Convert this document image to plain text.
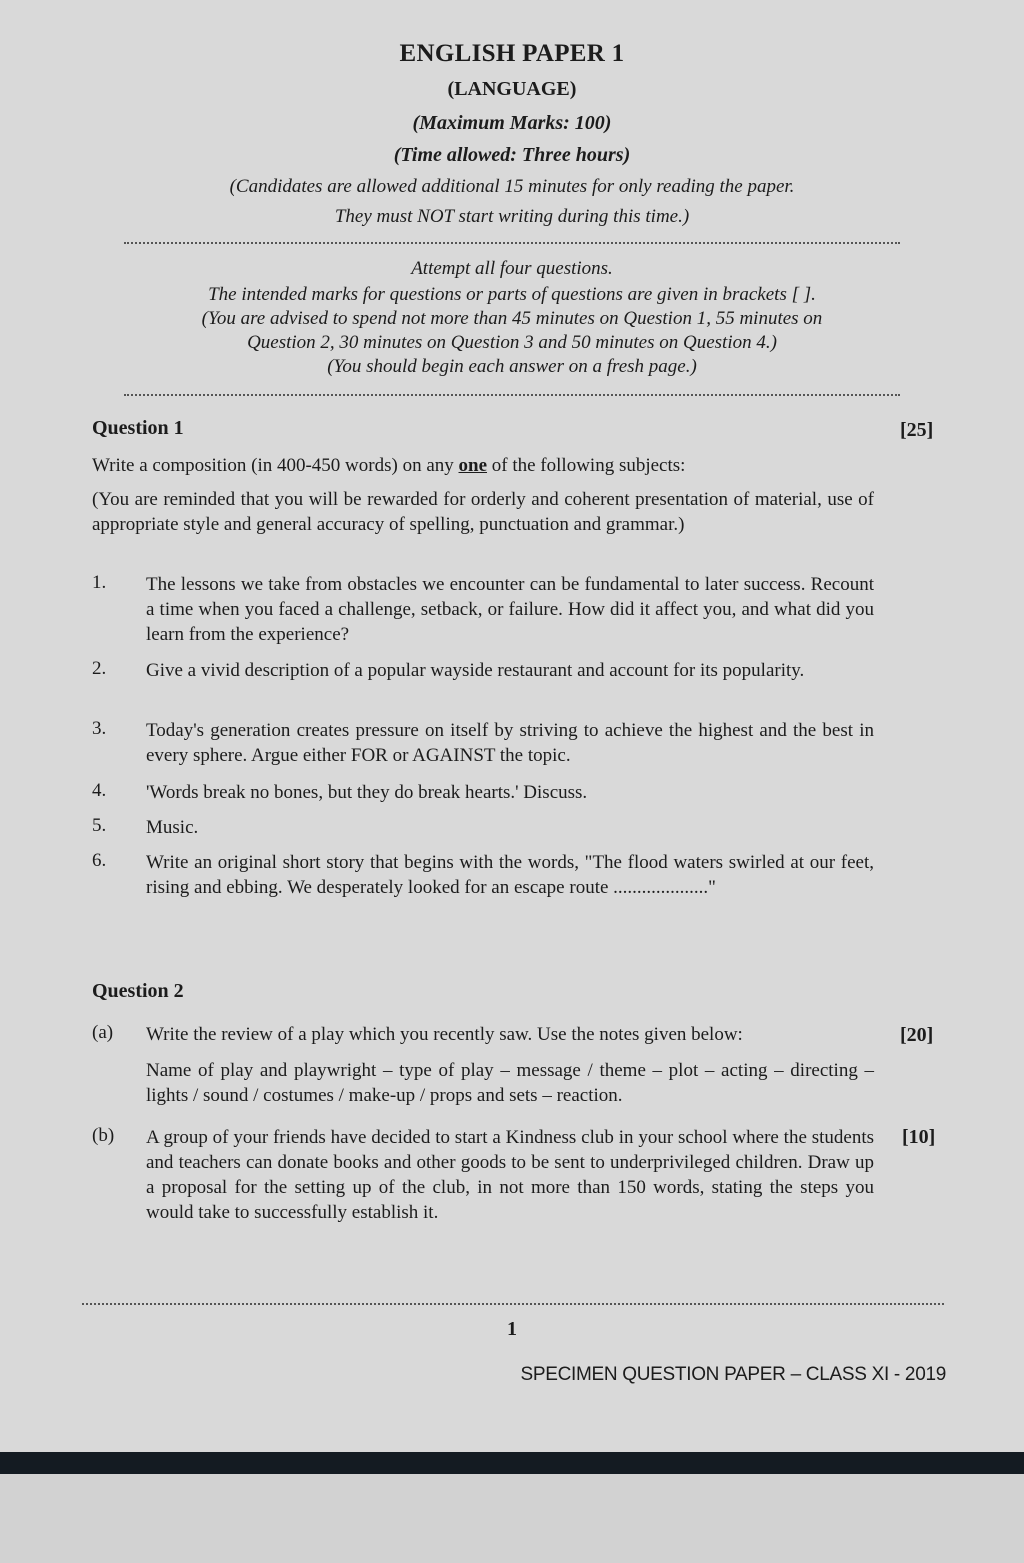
ENGLISH PAPER 1
(LANGUAGE)
(Maximum Marks: 100)
(Time allowed: Three hours)
(Candidates are allowed additional 15 minutes for only reading the paper.
They must NOT start writing during this time.)
Attempt all four questions.
The intended marks for questions or parts of questions are given in brackets [ ].
(You are advised to spend not more than 45 minutes on Question 1, 55 minutes on
Question 2, 30 minutes on Question 3 and 50 minutes on Question 4.)
(You should begin each answer on a fresh page.)
Question 1	[25]
Write a composition (in 400-450 words) on any one of the following subjects:
(You are reminded that you will be rewarded for orderly and coherent presentation of material, use of appropriate style and general accuracy of spelling, punctuation and grammar.)
1. The lessons we take from obstacles we encounter can be fundamental to later success. Recount a time when you faced a challenge, setback, or failure. How did it affect you, and what did you learn from the experience?
2. Give a vivid description of a popular wayside restaurant and account for its popularity.
3. Today's generation creates pressure on itself by striving to achieve the highest and the best in every sphere. Argue either FOR or AGAINST the topic.
4. 'Words break no bones, but they do break hearts.' Discuss.
5. Music.
6. Write an original short story that begins with the words, "The flood waters swirled at our feet, rising and ebbing. We desperately looked for an escape route ...................."
Question 2
(a) Write the review of a play which you recently saw. Use the notes given below:	[20]
Name of play and playwright – type of play – message / theme – plot – acting – directing – lights / sound / costumes / make-up / props and sets – reaction.
(b) A group of your friends have decided to start a Kindness club in your school where the students and teachers can donate books and other goods to be sent to underprivileged children. Draw up a proposal for the setting up of the club, in not more than 150 words, stating the steps you would take to successfully establish it.
[10]
1
SPECIMEN QUESTION PAPER – CLASS XI - 2019
